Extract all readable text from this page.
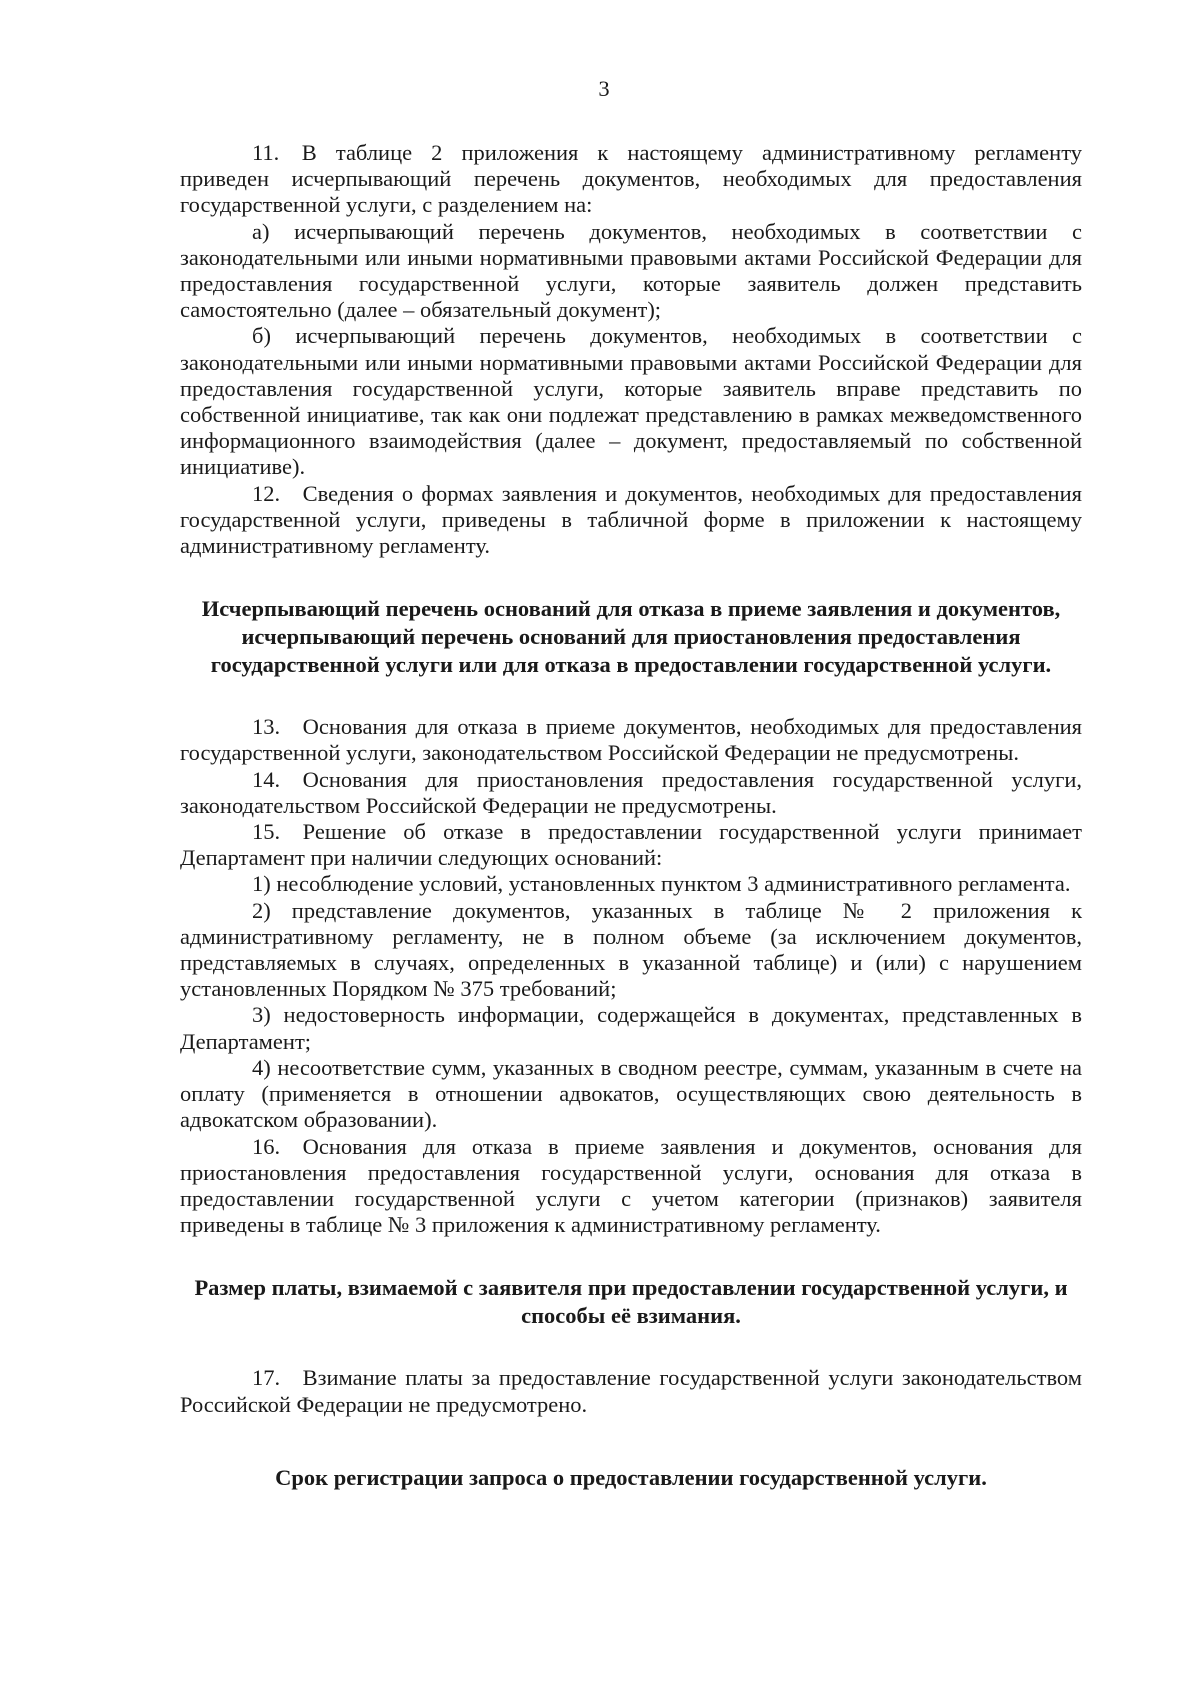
3

11. В таблице 2 приложения к настоящему административному регламенту приведен исчерпывающий перечень документов, необходимых для предоставления государственной услуги, с разделением на:

а) исчерпывающий перечень документов, необходимых в соответствии с законодательными или иными нормативными правовыми актами Российской Федерации для предоставления государственной услуги, которые заявитель должен представить самостоятельно (далее – обязательный документ);

б) исчерпывающий перечень документов, необходимых в соответствии с законодательными или иными нормативными правовыми актами Российской Федерации для предоставления государственной услуги, которые заявитель вправе представить по собственной инициативе, так как они подлежат представлению в рамках межведомственного информационного взаимодействия (далее – документ, предоставляемый по собственной инициативе).

12. Сведения о формах заявления и документов, необходимых для предоставления государственной услуги, приведены в табличной форме в приложении к настоящему административному регламенту.

Исчерпывающий перечень оснований для отказа в приеме заявления и документов, исчерпывающий перечень оснований для приостановления предоставления государственной услуги или для отказа в предоставлении государственной услуги.

13. Основания для отказа в приеме документов, необходимых для предоставления государственной услуги, законодательством Российской Федерации не предусмотрены.

14. Основания для приостановления предоставления государственной услуги, законодательством Российской Федерации не предусмотрены.

15. Решение об отказе в предоставлении государственной услуги принимает Департамент при наличии следующих оснований:

1) несоблюдение условий, установленных пунктом 3 административного регламента.

2) представление документов, указанных в таблице № 2 приложения к административному регламенту, не в полном объеме (за исключением документов, представляемых в случаях, определенных в указанной таблице) и (или) с нарушением установленных Порядком № 375 требований;

3) недостоверность информации, содержащейся в документах, представленных в Департамент;

4) несоответствие сумм, указанных в сводном реестре, суммам, указанным в счете на оплату (применяется в отношении адвокатов, осуществляющих свою деятельность в адвокатском образовании).

16. Основания для отказа в приеме заявления и документов, основания для приостановления предоставления государственной услуги, основания для отказа в предоставлении государственной услуги с учетом категории (признаков) заявителя приведены в таблице № 3 приложения к административному регламенту.

Размер платы, взимаемой с заявителя при предоставлении государственной услуги, и способы её взимания.

17. Взимание платы за предоставление государственной услуги законодательством Российской Федерации не предусмотрено.

Срок регистрации запроса о предоставлении государственной услуги.
